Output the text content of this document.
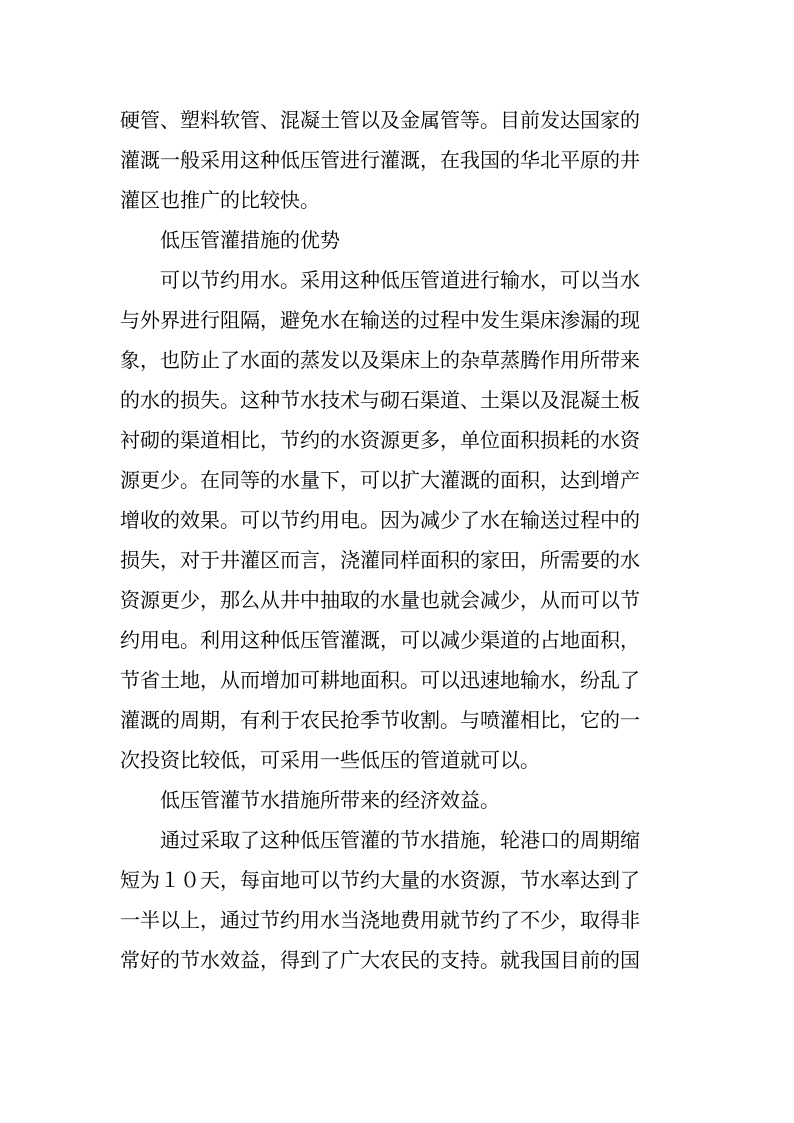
硬管、塑料软管、混凝土管以及金属管等。目前发达国家的
灌溉一般采用这种低压管进行灌溉，在我国的华北平原的井
灌区也推广的比较快。
低压管灌措施的优势
可以节约用水。采用这种低压管道进行输水，可以当水
与外界进行阻隔，避免水在输送的过程中发生渠床渗漏的现
象，也防止了水面的蒸发以及渠床上的杂草蒸腾作用所带来
的水的损失。这种节水技术与砌石渠道、土渠以及混凝土板
衬砌的渠道相比，节约的水资源更多，单位面积损耗的水资
源更少。在同等的水量下，可以扩大灌溉的面积，达到增产
增收的效果。可以节约用电。因为减少了水在输送过程中的
损失，对于井灌区而言，浇灌同样面积的家田，所需要的水
资源更少，那么从井中抽取的水量也就会减少，从而可以节
约用电。利用这种低压管灌溉，可以减少渠道的占地面积，
节省土地，从而增加可耕地面积。可以迅速地输水，纷乱了
灌溉的周期，有利于农民抢季节收割。与喷灌相比，它的一
次投资比较低，可采用一些低压的管道就可以。
低压管灌节水措施所带来的经济效益。
通过采取了这种低压管灌的节水措施，轮港口的周期缩
短为１０天，每亩地可以节约大量的水资源，节水率达到了
一半以上，通过节约用水当浇地费用就节约了不少，取得非
常好的节水效益，得到了广大农民的支持。就我国目前的国
